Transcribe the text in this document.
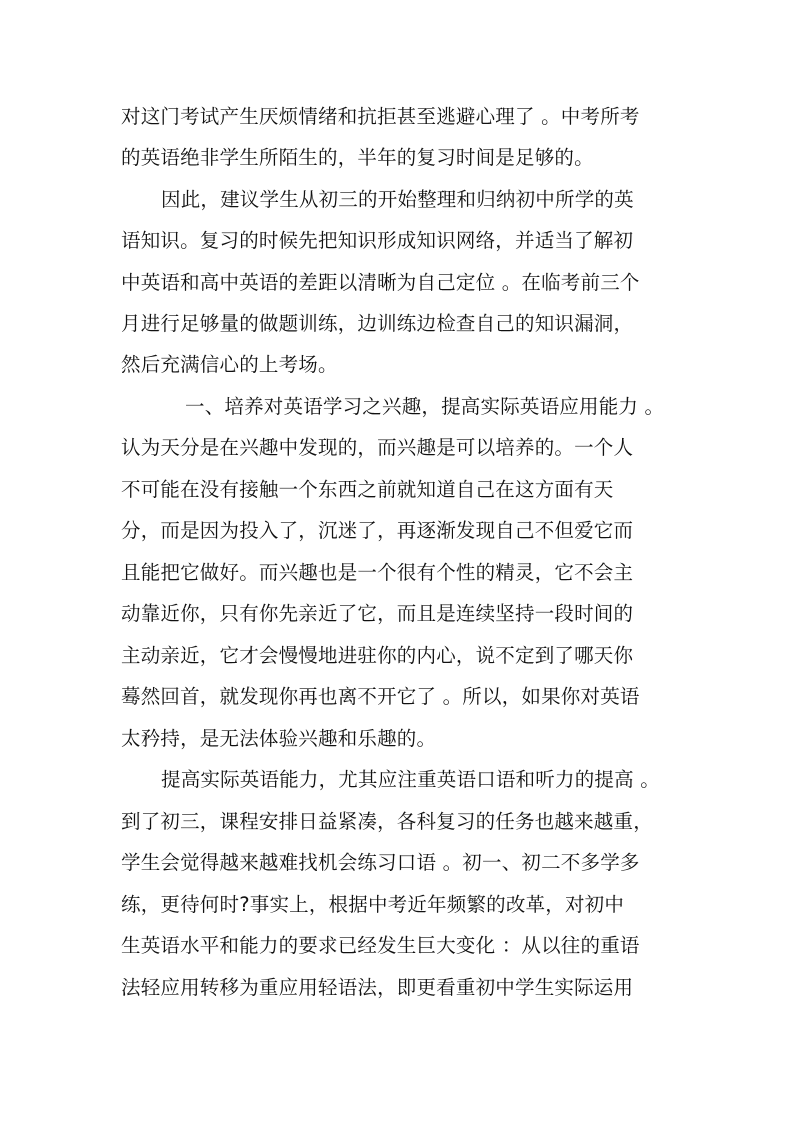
对这门考试产生厌烦情绪和抗拒甚至逃避心理了 。中考所考
的英语绝非学生所陌生的，半年的复习时间是足够的。
因此，建议学生从初三的开始整理和归纳初中所学的英
语知识。复习的时候先把知识形成知识网络，并适当了解初
中英语和高中英语的差距以清晰为自己定位 。在临考前三个
月进行足够量的做题训练，边训练边检查自己的知识漏洞，
然后充满信心的上考场。
一、培养对英语学习之兴趣，提高实际英语应用能力 。
认为天分是在兴趣中发现的，而兴趣是可以培养的。一个人
不可能在没有接触一个东西之前就知道自己在这方面有天
分，而是因为投入了，沉迷了，再逐渐发现自己不但爱它而
且能把它做好。而兴趣也是一个很有个性的精灵，它不会主
动靠近你，只有你先亲近了它，而且是连续坚持一段时间的
主动亲近，它才会慢慢地进驻你的内心，说不定到了哪天你
蓦然回首，就发现你再也离不开它了 。所以，如果你对英语
太矜持，是无法体验兴趣和乐趣的。
提高实际英语能力，尤其应注重英语口语和听力的提高 。
到了初三，课程安排日益紧凑，各科复习的任务也越来越重，
学生会觉得越来越难找机会练习口语 。初一、初二不多学多
练，更待何时?事实上，根据中考近年频繁的改革，对初中
生英语水平和能力的要求已经发生巨大变化 ：从以往的重语
法轻应用转移为重应用轻语法，即更看重初中学生实际运用
